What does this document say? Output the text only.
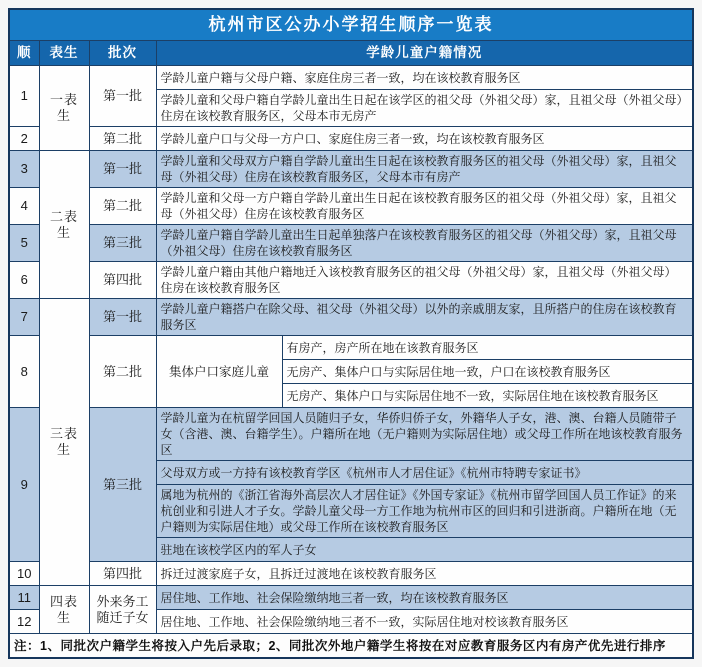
杭州市区公办小学招生顺序一览表				
顺	表生	批次	学龄儿童户籍情况	
1	一表生	第一批	学龄儿童户籍与父母户籍、家庭住房三者一致，均在该校教育服务区	
			学龄儿童和父母户籍自学龄儿童出生日起在该学区的祖父母（外祖父母）家，且祖父母（外祖父母）住房在该校教育服务区，父母本市无房产	
2		第二批	学龄儿童户口与父母一方户口、家庭住房三者一致，均在该校教育服务区	
3	二表生	第一批	学龄儿童和父母双方户籍自学龄儿童出生日起在该校教育服务区的祖父母（外祖父母）家，且祖父母（外祖父母）住房在该校教育服务区，父母本市有房产	
4		第二批	学龄儿童和父母一方户籍自学龄儿童出生日起在该校教育服务区的祖父母（外祖父母）家，且祖父母（外祖父母）住房在该校教育服务区	
5		第三批	学龄儿童户籍自学龄儿童出生日起单独落户在该校教育服务区的祖父母（外祖父母）家，且祖父母（外祖父母）住房在该校教育服务区	
6		第四批	学龄儿童户籍由其他户籍地迁入该校教育服务区的祖父母（外祖父母）家，且祖父母（外祖父母）住房在该校教育服务区	
7	三表生	第一批	学龄儿童户籍搭户在除父母、祖父母（外祖父母）以外的亲戚朋友家，且所搭户的住房在该校教育服务区	
8		第二批	集体户口家庭儿童	有房产，房产所在地在该教育服务区
				无房产、集体户口与实际居住地一致，户口在该校教育服务区
				无房产、集体户口与实际居住地不一致，实际居住地在该校教育服务区
9		第三批	学龄儿童为在杭留学回国人员随归子女，华侨归侨子女，外籍华人子女，港、澳、台籍人员随带子女（含港、澳、台籍学生）。户籍所在地（无户籍则为实际居住地）或父母工作所在地该校教育服务区	
			父母双方或一方持有该校教育学区《杭州市人才居住证》《杭州市特聘专家证书》	
			属地为杭州的《浙江省海外高层次人才居住证》《外国专家证》《杭州市留学回国人员工作证》的来杭创业和引进人才子女。学龄儿童父母一方工作地为杭州市区的回归和引进浙商。户籍所在地（无户籍则为实际居住地）或父母工作所在该校教育服务区	
			驻地在该校学区内的军人子女	
10		第四批	拆迁过渡家庭子女，且拆迁过渡地在该校教育服务区	
11	四表生	外来务工随迁子女	居住地、工作地、社会保险缴纳地三者一致，均在该校教育服务区	
12			居住地、工作地、社会保险缴纳地三者不一致，实际居住地对校该教育服务区	
注：1、同批次户籍学生将按入户先后录取；2、同批次外地户籍学生将按在对应教育服务区内有房产优先进行排序				
